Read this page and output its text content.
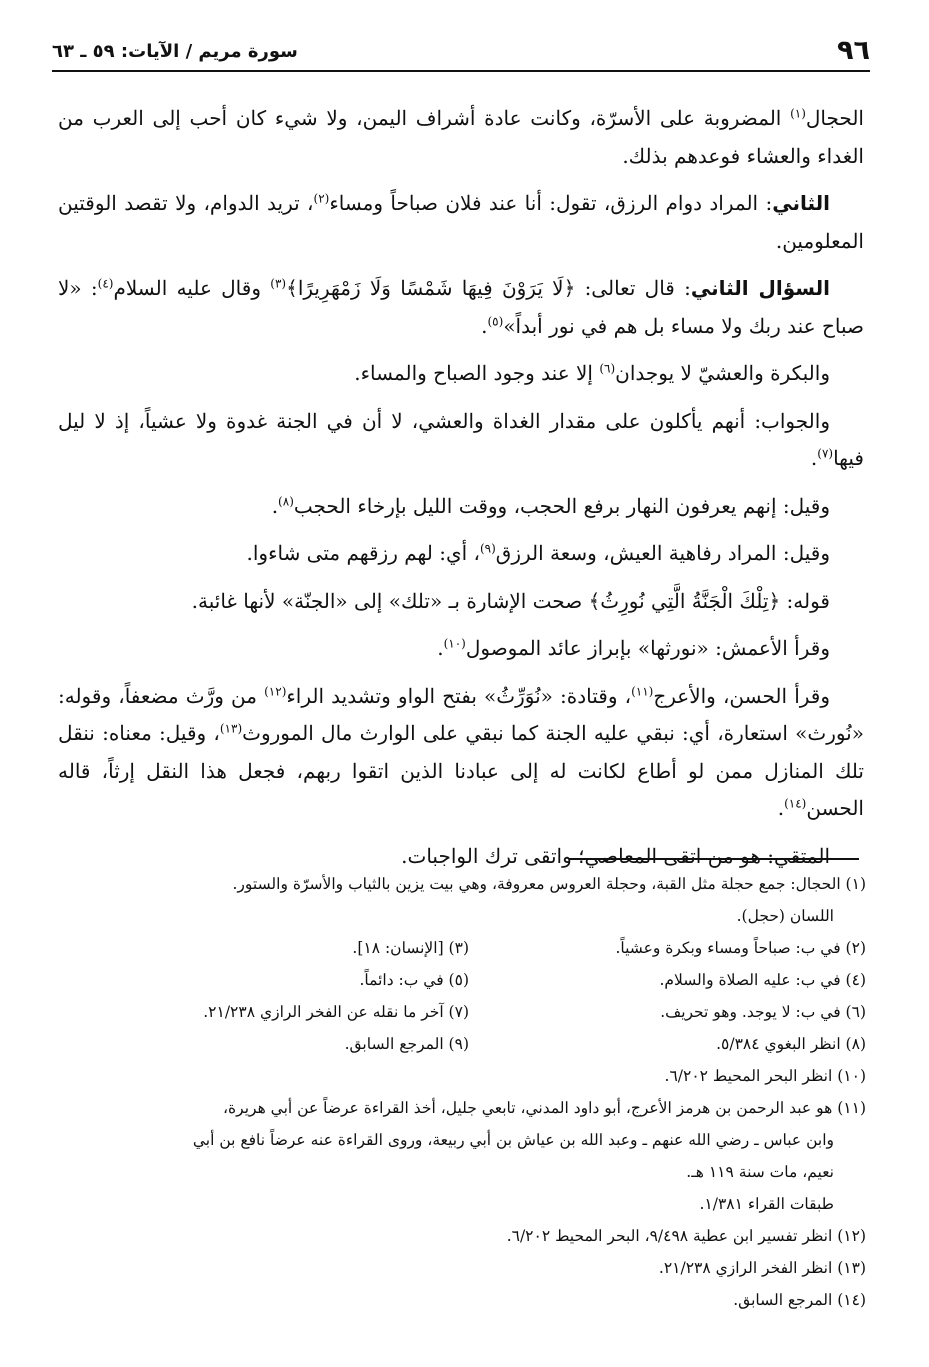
٩٦
سورة مريم / الآيات: ٥٩ ـ ٦٣

الحجال$^{(١)}$ المضروبة على الأسرّة، وكانت عادة أشراف اليمن، ولا شيء كان أحب إلى العرب من الغداء والعشاء فوعدهم بذلك.

الثاني: المراد دوام الرزق، تقول: أنا عند فلان صباحاً ومساء$^{(٢)}$، تريد الدوام، ولا تقصد الوقتين المعلومين.

السؤال الثاني: قال تعالى: ﴿لَا يَرَوْنَ فِيهَا شَمْسًا وَلَا زَمْهَرِيرًا﴾$^{(٣)}$ وقال عليه السلام$^{(٤)}$: «لا صباح عند ربك ولا مساء بل هم في نور أبداً»$^{(٥)}$.

والبكرة والعشيّ لا يوجدان$^{(٦)}$ إلا عند وجود الصباح والمساء.

والجواب: أنهم يأكلون على مقدار الغداة والعشي، لا أن في الجنة غدوة ولا عشياً، إذ لا ليل فيها$^{(٧)}$.

وقيل: إنهم يعرفون النهار برفع الحجب، ووقت الليل بإرخاء الحجب$^{(٨)}$.

وقيل: المراد رفاهية العيش، وسعة الرزق$^{(٩)}$، أي: لهم رزقهم متى شاءوا.

قوله: ﴿تِلْكَ الْجَنَّةُ الَّتِي نُورِثُ﴾ صحت الإشارة بـ «تلك» إلى «الجنّة» لأنها غائبة.

وقرأ الأعمش: «نورثها» بإبراز عائد الموصول$^{(١٠)}$.

وقرأ الحسن، والأعرج$^{(١١)}$، وقتادة: «نُوَرِّثُ» بفتح الواو وتشديد الراء$^{(١٢)}$ من ورَّث مضعفاً، وقوله: «نُورث» استعارة، أي: نبقي عليه الجنة كما نبقي على الوارث مال الموروث$^{(١٣)}$، وقيل: معناه: ننقل تلك المنازل ممن لو أطاع لكانت له إلى عبادنا الذين اتقوا ربهم، فجعل هذا النقل إرثاً، قاله الحسن$^{(١٤)}$.

المتقي: هو من اتقى المعاصي؛ واتقى ترك الواجبات.

(١) الحجال: جمع حجلة مثل القبة، وحجلة العروس معروفة، وهي بيت يزين بالثياب والأسرّة والستور.
اللسان (حجل).
(٢) في ب: صباحاً ومساء وبكرة وعشياً.
(٣) [الإنسان: ١٨].
(٤) في ب: عليه الصلاة والسلام.
(٥) في ب: دائماً.
(٦) في ب: لا يوجد. وهو تحريف.
(٧) آخر ما نقله عن الفخر الرازي ٢١/٢٣٨.
(٨) انظر البغوي ٥/٣٨٤.
(٩) المرجع السابق.
(١٠) انظر البحر المحيط ٦/٢٠٢.
(١١) هو عبد الرحمن بن هرمز الأعرج، أبو داود المدني، تابعي جليل، أخذ القراءة عرضاً عن أبي هريرة،
وابن عباس ـ رضي الله عنهم ـ وعبد الله بن عياش بن أبي ربيعة، وروى القراءة عنه عرضاً نافع بن أبي
نعيم، مات سنة ١١٩ هـ.
طبقات القراء ١/٣٨١.
(١٢) انظر تفسير ابن عطية ٩/٤٩٨، البحر المحيط ٦/٢٠٢.
(١٣) انظر الفخر الرازي ٢١/٢٣٨.
(١٤) المرجع السابق.
